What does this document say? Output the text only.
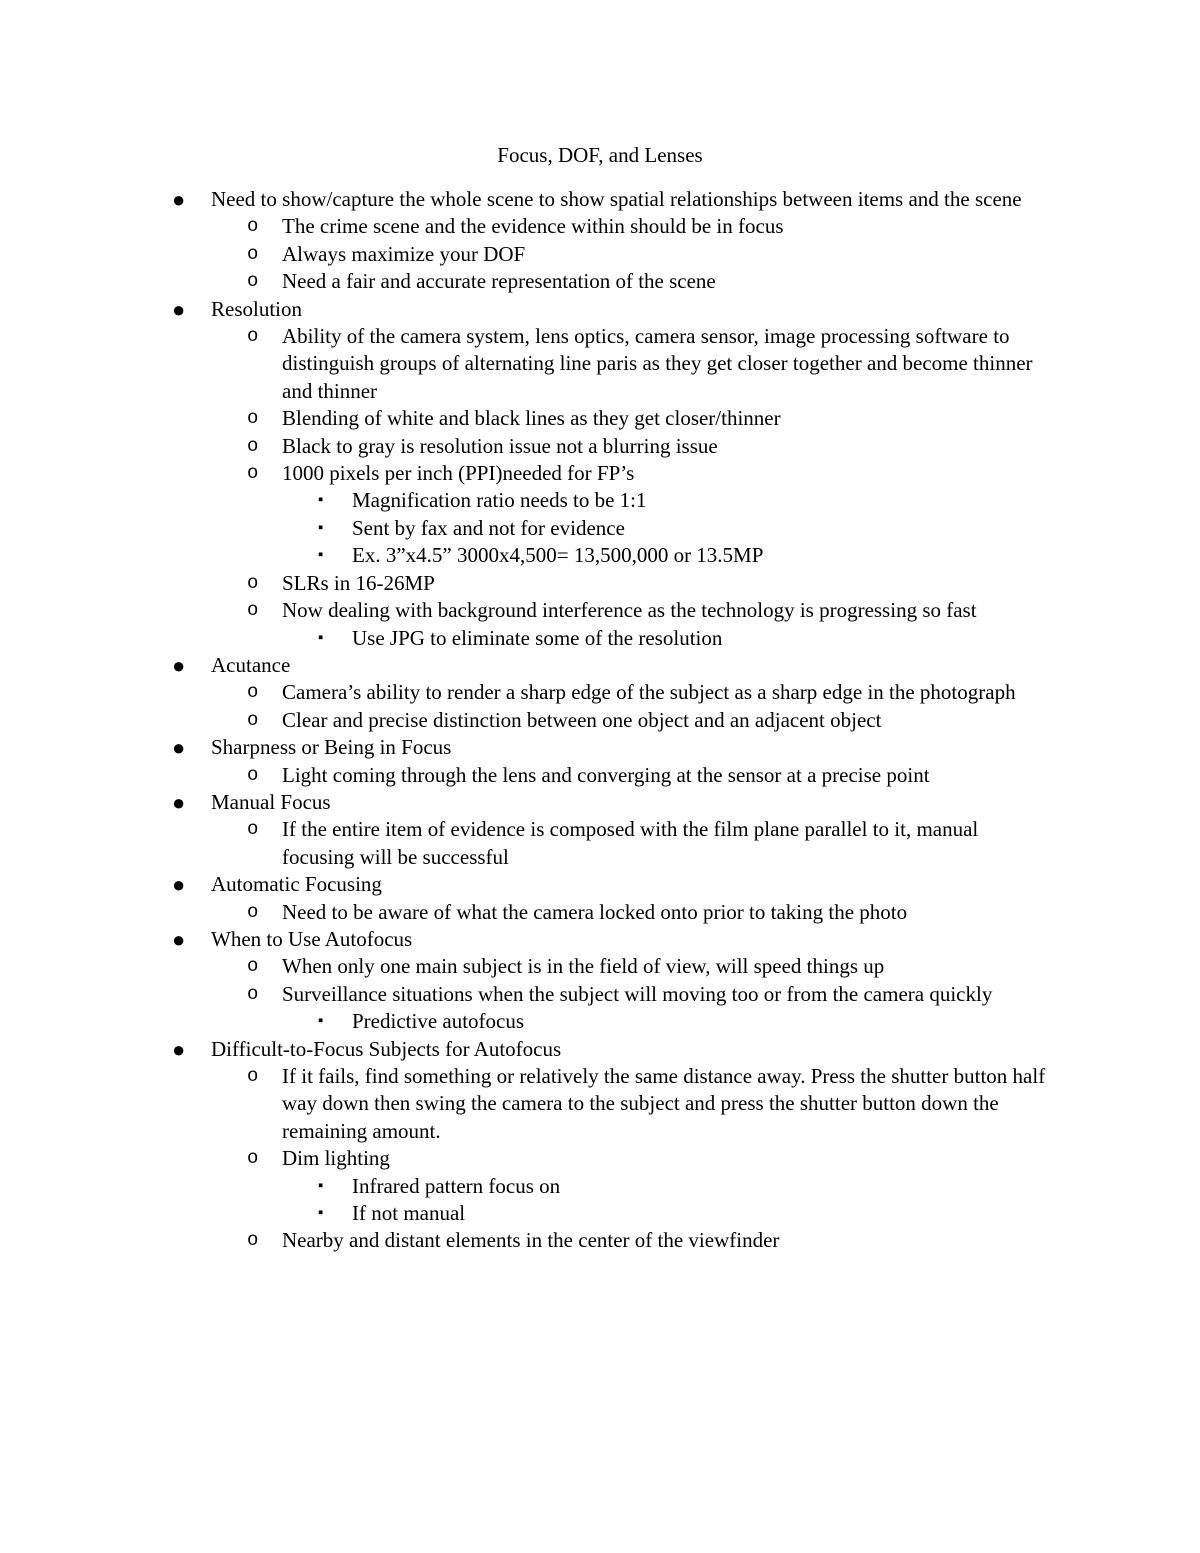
Focus, DOF, and Lenses
●	Need to show/capture the whole scene to show spatial relationships between items and the scene
o	The crime scene and the evidence within should be in focus
o	Always maximize your DOF
o	Need a fair and accurate representation of the scene
●	Resolution
o	Ability of the camera system, lens optics, camera sensor, image processing software to distinguish groups of alternating line paris as they get closer together and become thinner and thinner
o	Blending of white and black lines as they get closer/thinner
o	Black to gray is resolution issue not a blurring issue
o	1000 pixels per inch (PPI)needed for FP’s
▪	Magnification ratio needs to be 1:1
▪	Sent by fax and not for evidence
▪	Ex. 3”x4.5” 3000x4,500= 13,500,000 or 13.5MP
o	SLRs in 16-26MP
o	Now dealing with background interference as the technology is progressing so fast
▪	Use JPG to eliminate some of the resolution
●	Acutance
o	Camera’s ability to render a sharp edge of the subject as a sharp edge in the photograph
o	Clear and precise distinction between one object and an adjacent object
●	Sharpness or Being in Focus
o	Light coming through the lens and converging at the sensor at a precise point
●	Manual Focus
o	If the entire item of evidence is composed with the film plane parallel to it, manual focusing will be successful
●	Automatic Focusing
o	Need to be aware of what the camera locked onto prior to taking the photo
●	When to Use Autofocus
o	When only one main subject is in the field of view, will speed things up
o	Surveillance situations when the subject will moving too or from the camera quickly
▪	Predictive autofocus
●	Difficult-to-Focus Subjects for Autofocus
o	If it fails, find something or relatively the same distance away. Press the shutter button half way down then swing the camera to the subject and press the shutter button down the remaining amount.
o	Dim lighting
▪	Infrared pattern focus on
▪	If not manual
o	Nearby and distant elements in the center of the viewfinder
